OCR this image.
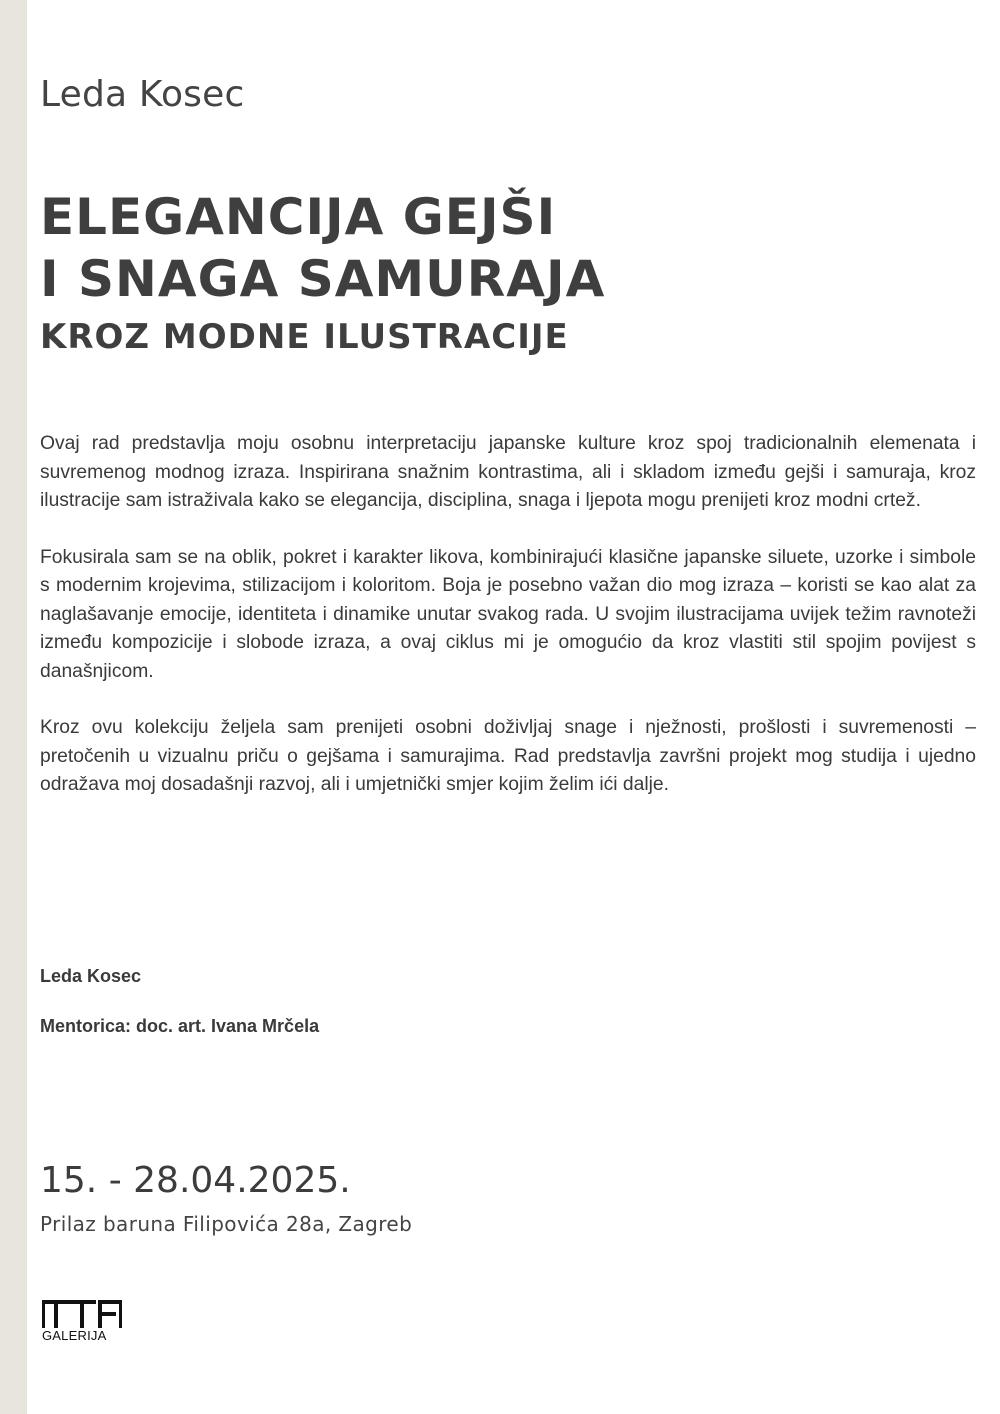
Leda Kosec
ELEGANCIJA GEJŠI
I SNAGA SAMURAJA
KROZ MODNE ILUSTRACIJE

Ovaj rad predstavlja moju osobnu interpretaciju japanske kulture kroz spoj tradicionalnih elemenata i suvremenog modnog izraza. Inspirirana snažnim kontrastima, ali i skladom između gejši i samuraja, kroz ilustracije sam istraživala kako se elegancija, disciplina, snaga i ljepota mogu prenijeti kroz modni crtež.

Fokusirala sam se na oblik, pokret i karakter likova, kombinirajući klasične japanske siluete, uzorke i simbole s modernim krojevima, stilizacijom i koloritom. Boja je posebno važan dio mog izraza – koristi se kao alat za naglašavanje emocije, identiteta i dinamike unutar svakog rada. U svojim ilustracijama uvijek težim ravnoteži između kompozicije i slobode izraza, a ovaj ciklus mi je omogućio da kroz vlastiti stil spojim povijest s današnjicom.

Kroz ovu kolekciju željela sam prenijeti osobni doživljaj snage i nježnosti, prošlosti i suvremenosti – pretočenih u vizualnu priču o gejšama i samurajima. Rad predstavlja završni projekt mog studija i ujedno odražava moj dosadašnji razvoj, ali i umjetnički smjer kojim želim ići dalje.

Leda Kosec
Mentorica: doc. art. Ivana Mrčela
15. - 28.04.2025.
Prilaz baruna Filipovića 28a, Zagreb
GALERIJA
